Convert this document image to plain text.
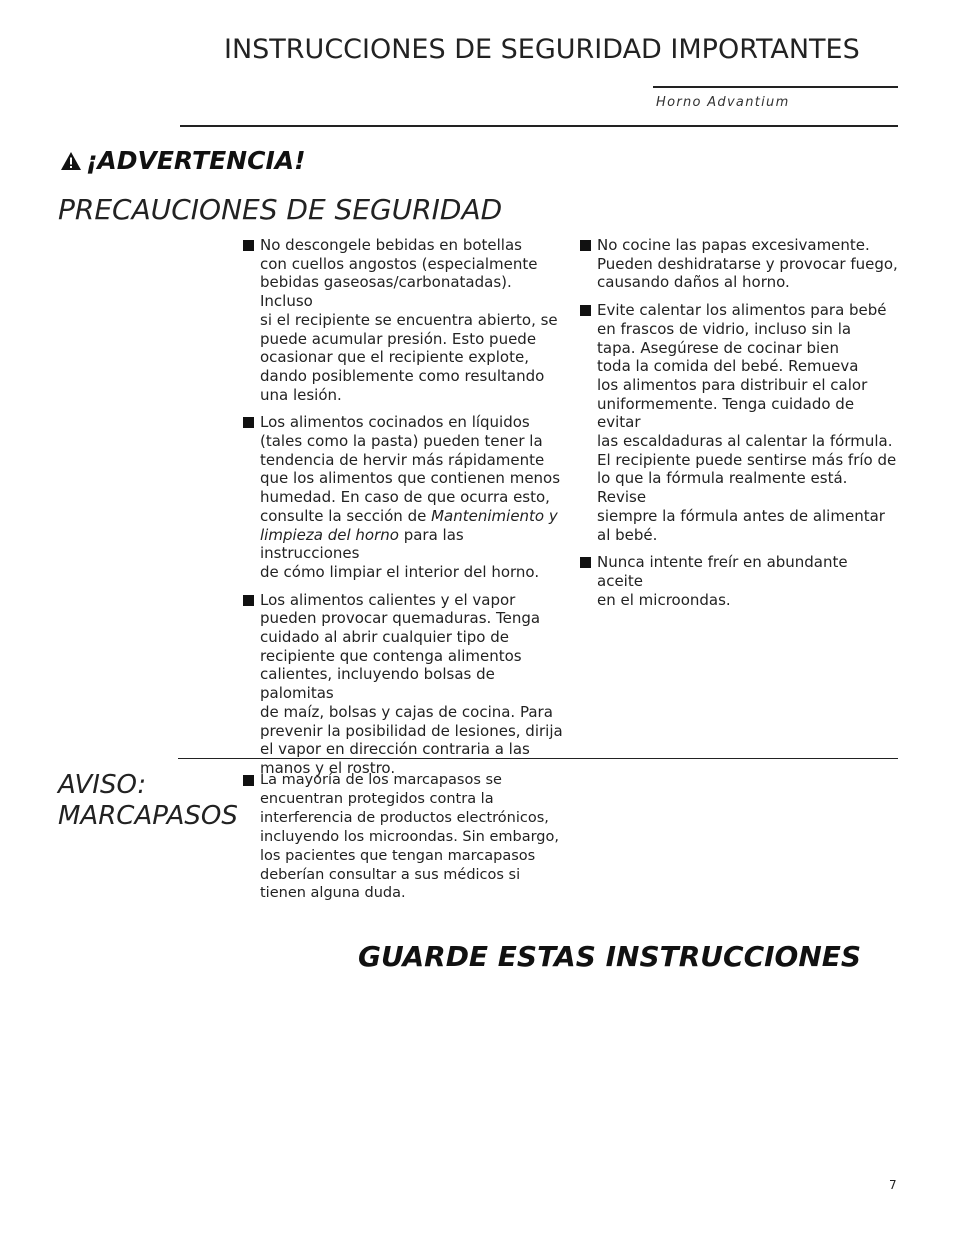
INSTRUCCIONES DE SEGURIDAD IMPORTANTES
Horno Advantium
¡ADVERTENCIA!
PRECAUCIONES DE SEGURIDAD
No descongele bebidas en botellas
con cuellos angostos (especialmente
bebidas gaseosas/carbonatadas). Incluso
si el recipiente se encuentra abierto, se
puede acumular presión. Esto puede
ocasionar que el recipiente explote,
dando posiblemente como resultando
una lesión.
Los alimentos cocinados en líquidos
(tales como la pasta) pueden tener la
tendencia de hervir más rápidamente
que los alimentos que contienen menos
humedad. En caso de que ocurra esto,
consulte la sección de Mantenimiento y
limpieza del horno para las instrucciones
de cómo limpiar el interior del horno.
Los alimentos calientes y el vapor
pueden provocar quemaduras. Tenga
cuidado al abrir cualquier tipo de
recipiente que contenga alimentos
calientes, incluyendo bolsas de palomitas
de maíz, bolsas y cajas de cocina. Para
prevenir la posibilidad de lesiones, dirija
el vapor en dirección contraria a las
manos y el rostro.
No cocine las papas excesivamente.
Pueden deshidratarse y provocar fuego,
causando daños al horno.
Evite calentar los alimentos para bebé
en frascos de vidrio, incluso sin la
tapa. Asegúrese de cocinar bien
toda la comida del bebé. Remueva
los alimentos para distribuir el calor
uniformemente. Tenga cuidado de evitar
las escaldaduras al calentar la fórmula.
El recipiente puede sentirse más frío de
lo que la fórmula realmente está. Revise
siempre la fórmula antes de alimentar
al bebé.
Nunca intente freír en abundante aceite
en el microondas.
AVISO:
MARCAPASOS
La mayoría de los marcapasos se
encuentran protegidos contra la
interferencia de productos electrónicos,
incluyendo los microondas. Sin embargo,
los pacientes que tengan marcapasos
deberían consultar a sus médicos si
tienen alguna duda.
GUARDE ESTAS INSTRUCCIONES
7
